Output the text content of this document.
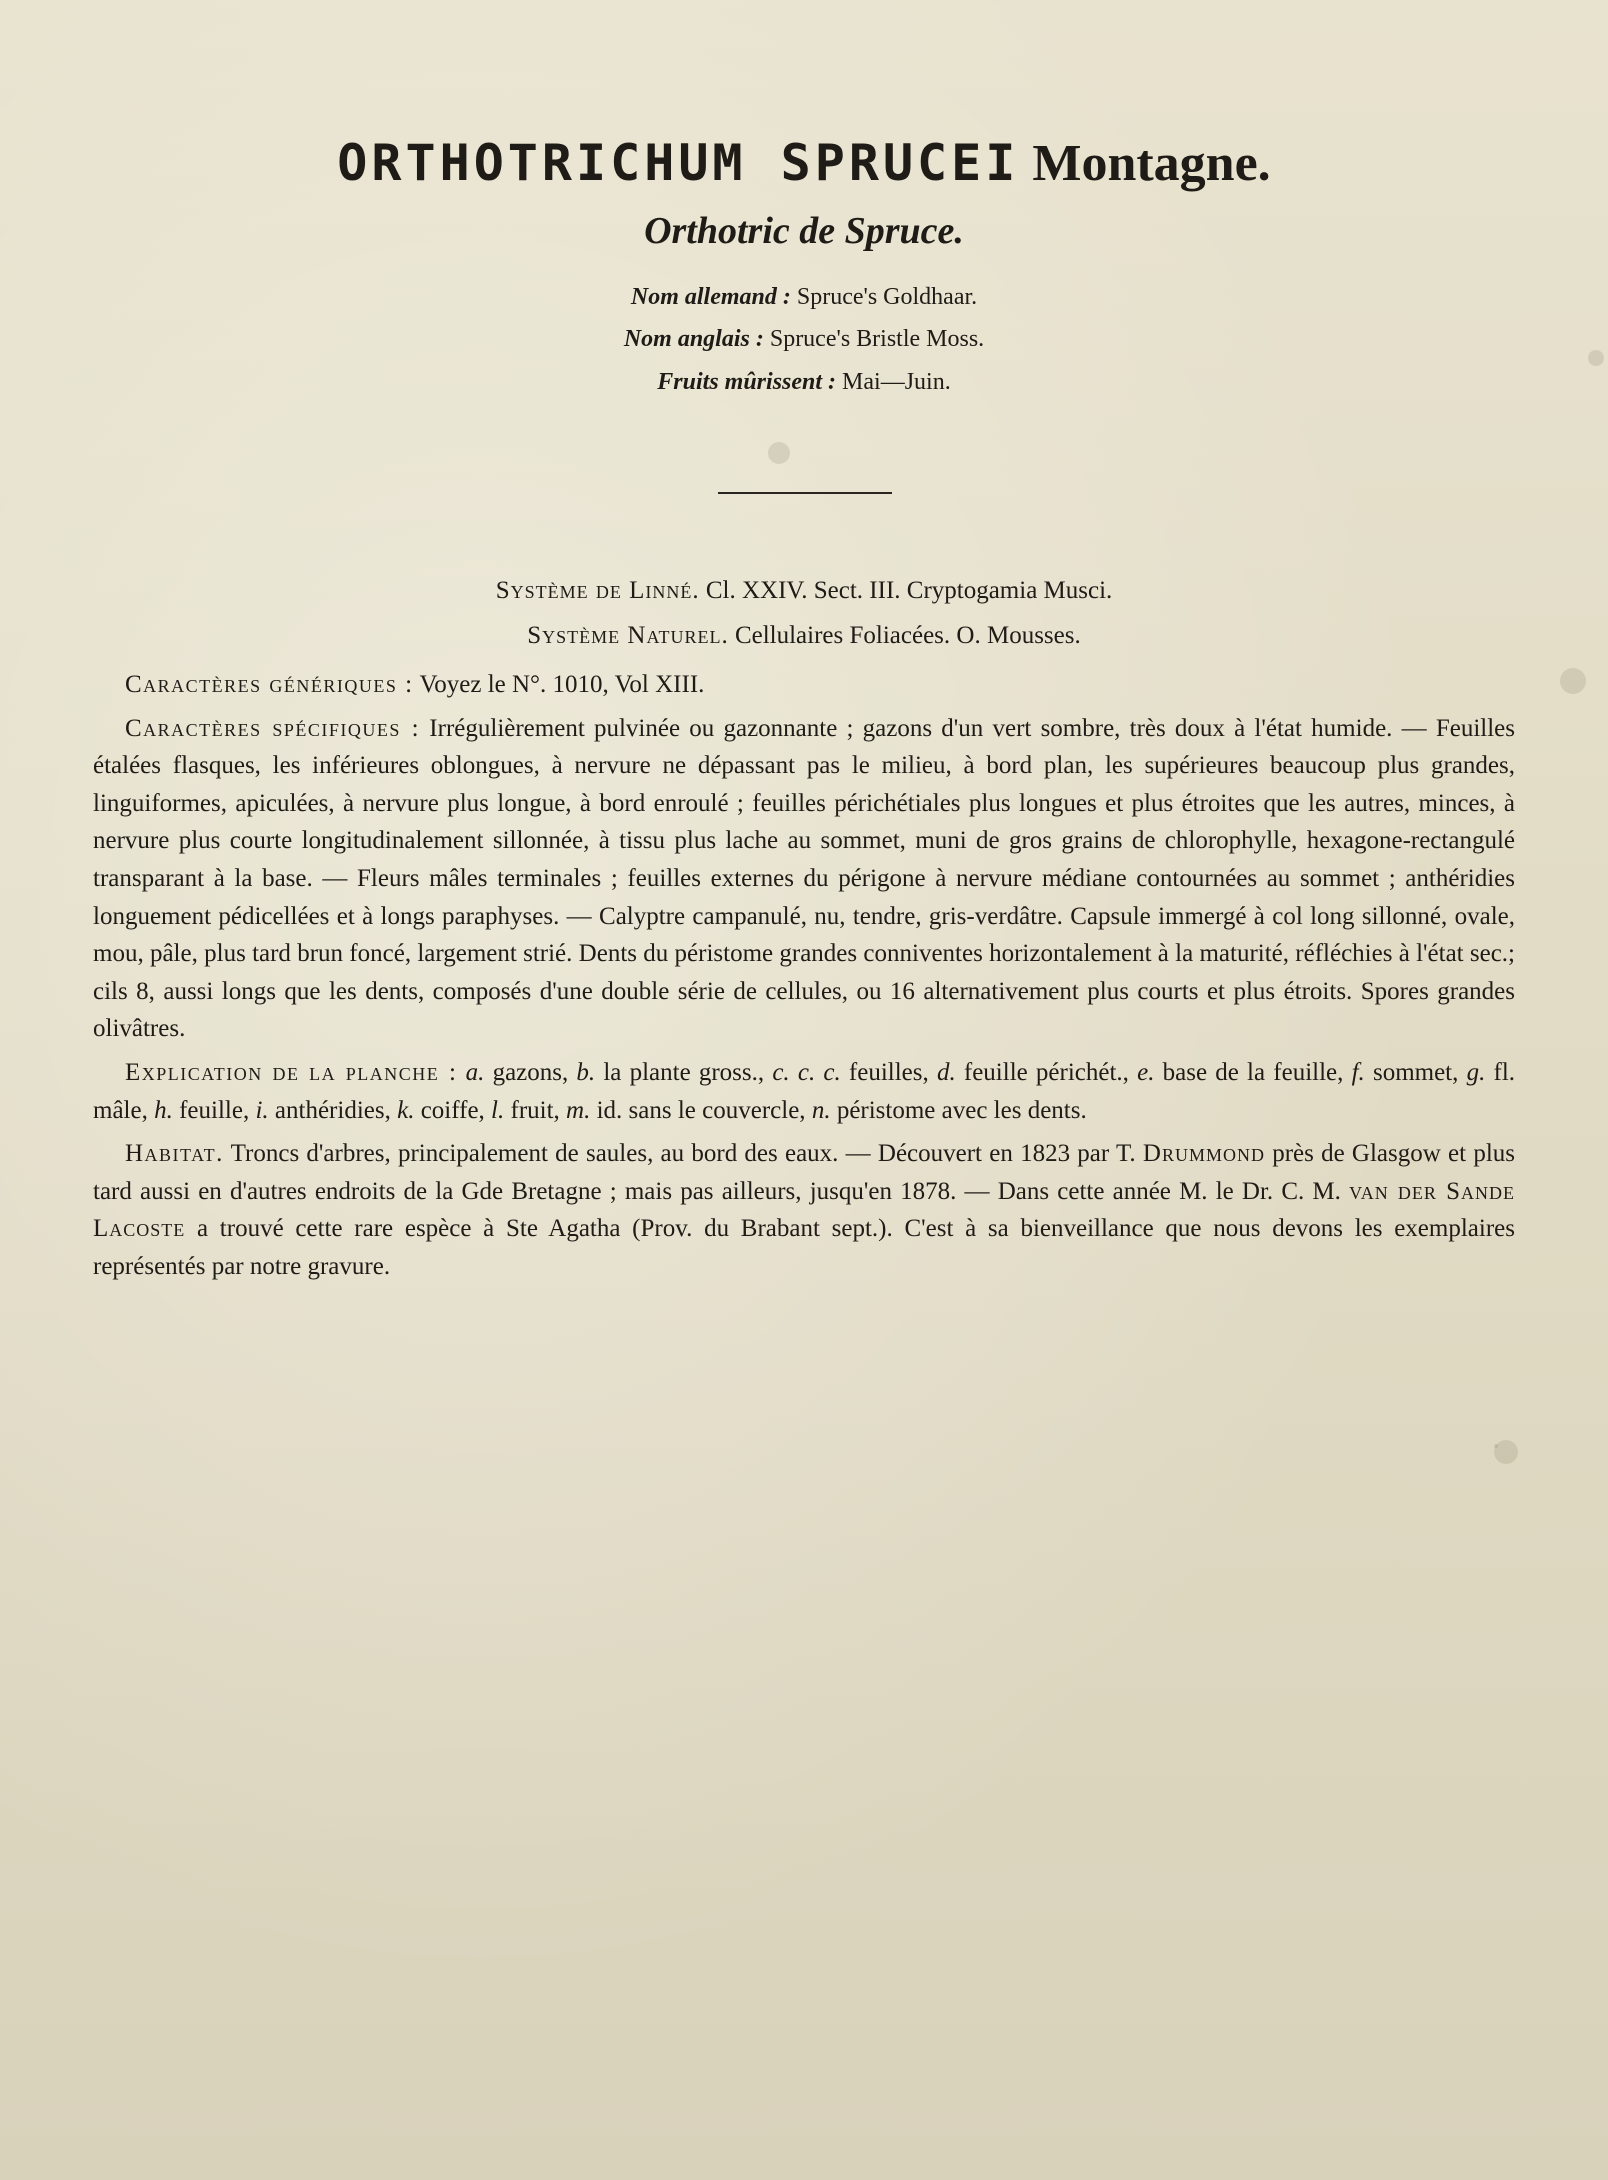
ORTHOTRICHUM SPRUCEI Montagne.
Orthotric de Spruce.
Nom allemand : Spruce's Goldhaar.
Nom anglais : Spruce's Bristle Moss.
Fruits mûrissent : Mai—Juin.
Système de Linné. Cl. XXIV. Sect. III. Cryptogamia Musci.
Système Naturel. Cellulaires Foliacées. O. Mousses.

Caractères génériques : Voyez le N°. 1010, Vol XIII.

Caractères spécifiques : Irrégulièrement pulvinée ou gazonnante ; gazons d'un vert sombre, très doux à l'état humide. — Feuilles étalées flasques, les inférieures oblongues, à nervure ne dépassant pas le milieu, à bord plan, les supérieures beaucoup plus grandes, linguiformes, apiculées, à nervure plus longue, à bord enroulé ; feuilles périchétiales plus longues et plus étroites que les autres, minces, à nervure plus courte longitudinalement sillonnée, à tissu plus lache au sommet, muni de gros grains de chlorophylle, hexagone-rectangulé transparant à la base. — Fleurs mâles terminales ; feuilles externes du périgone à nervure médiane contournées au sommet ; anthéridies longuement pédicellées et à longs paraphyses. — Calyptre campanulé, nu, tendre, gris-verdâtre. Capsule immergé à col long sillonné, ovale, mou, pâle, plus tard brun foncé, largement strié. Dents du péristome grandes conniventes horizontalement à la maturité, réfléchies à l'état sec.; cils 8, aussi longs que les dents, composés d'une double série de cellules, ou 16 alternativement plus courts et plus étroits. Spores grandes olivâtres.

Explication de la planche : a. gazons, b. la plante gross., c. c. c. feuilles, d. feuille périchét., e. base de la feuille, f. sommet, g. fl. mâle, h. feuille, i. anthéridies, k. coiffe, l. fruit, m. id. sans le couvercle, n. péristome avec les dents.

Habitat. Troncs d'arbres, principalement de saules, au bord des eaux. — Découvert en 1823 par T. Drummond près de Glasgow et plus tard aussi en d'autres endroits de la Gde Bretagne ; mais pas ailleurs, jusqu'en 1878. — Dans cette année M. le Dr. C. M. van der Sande Lacoste a trouvé cette rare espèce à Ste Agatha (Prov. du Brabant sept.). C'est à sa bienveillance que nous devons les exemplaires représentés par notre gravure.
